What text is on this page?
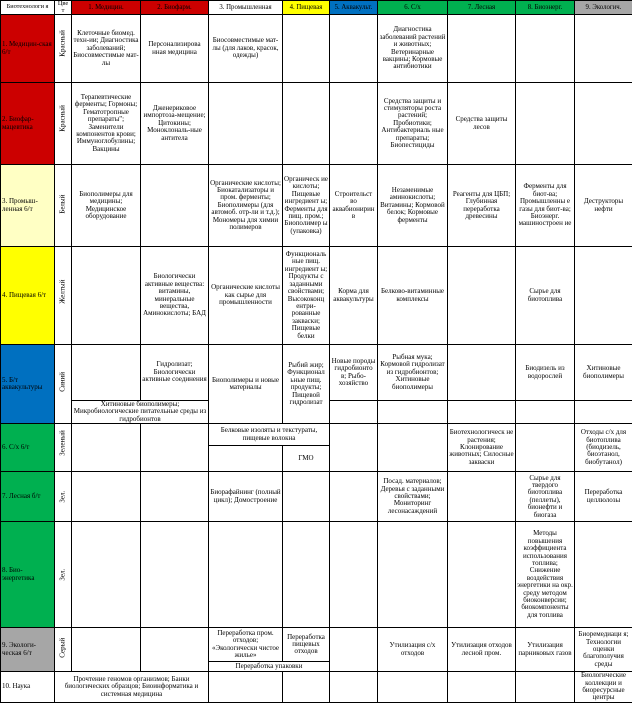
Биотехнологи я	Цве т	1. Медицин.	2. Биофарм.	3. Промышленная	4. Пищевая	5. Аквакульт.	6. С/х	7. Лесная	8. Биоэнерг.	9. Экологич.
1. Медицин-ская 6/т	Красный	Клеточные биомед. техн-ии; Диагностика заболеваний; Биосовместимые мат-лы	Персонализирова нная медицина	Биосовместимые мат-лы (для лаков, красок, одежды)			Диагностика заболеваний растений и животных; Ветеринарные вакцины; Кормовые антибиотики			
2. Биофар-мацевтика	Красный	Терапевтические ферменты; Гормоны; Гематотропные препараты"; Заменители компонентов крови; Иммуноглобулины; Вакцины	Дженериковое импортоза-мещение; Цитокины; Моноклональ-ные антитела				Средства защиты и стимуляторы роста растений; Пробиотики; Антибактериаль ные препараты; Биопестициды	Средства защиты лесов		
3. Промыш-ленная 6/т	Белый	Биополимеры для медицины; Медицинское оборудование		Органические кислоты; Биокатализаторы и пром. ферменты; Биополимеры (для автомоб. отр-ли и т.д.); Мономеры для химии полимеров	Органическ ие кислоты; Пищевые ингредиент ы; Ферменты для пищ. пром.; Биополимер ы (упаковка)	Строительст во аквабионирин в	Незаменимые аминокислоты; Витамины; Кормовой белок; Кормовые ферменты	Реагенты для ЦБП; Глубинная переработка древесины	Ферменты для биот-ва; Промышленны е газы для биот-ва; Биоэнерг. машиностроен ие	Деструкторы нефти
4. Пищевая 6/т	Желтый		Биологически активные вещества: витамины, минеральные вещества, Аминокислоты; БАД	Органические кислоты как сырье для промышленности	Функциональ ные пищ. ингредиент ы; Продукты с заданными свойствами; Высококонц ентри-рованные закваски; Пищевые белки	Корма для аквакультуры	Белково-витаминные комплексы		Сырье для биотоплива	
5. Б/т аквакультуры	Синий		Гидролизат; Биологически активные соединения	Биополимеры и новые материалы	Рыбий жир; Функционал ьные пищ. продукты; Пищевой гидролизат	Новые породы гидробионто в; Рыбо-хозяйство	Рыбная мука; Кормовой гидролизат из гидробионтов; Хитиновые биополимеры		Биодизель из водорослей	Хитиновые биополимеры
		Хитиновые биополимеры; Микробиологические питательные среды из гидробионтов								
6. С/х 6/т	Зеленый			Белковые изоляты и текстураты, пищевые волокна				Биотехнологическ не растения; Клонирование животных; Силосные закваски		Отходы с/х для биотоплива (биодизель, биоэтанол, биобутанол)
					ГМО					
7. Лесная б/т	Зел.			Биорафайнинг (полный цикл); Домостроение			Посад. материалов; Деревья с заданными свойствами; Мониторинг лесонасаждений		Сырье для твердого биотоплива (пеллеты), бионефти и биогаза	Переработка целлюлозы
8. Био-энергетика	Зел.								Методы повышения коэффициента использования топлива; Снижение воздействия энергетики на окр. среду методом биоконверсии; биокомпоненты для топлива	
9. Экологи-ческая 6/т	Серый			Переработка пром. отходов; «Экологически чистое жилье»	Переработка пищевых отходов		Утилизация с/х отходов	Утилизация отходов лесной пром.	Утилизация парниковых газов	Биоремедиаци я; Технологии оценки благополучия среды
				Переработка упаковки						
10. Наука	Прочтение геномов организмов; Банки биологических образцов; Биоинформатика и системная медицина									Биологические коллекции и биоресурсные центры
